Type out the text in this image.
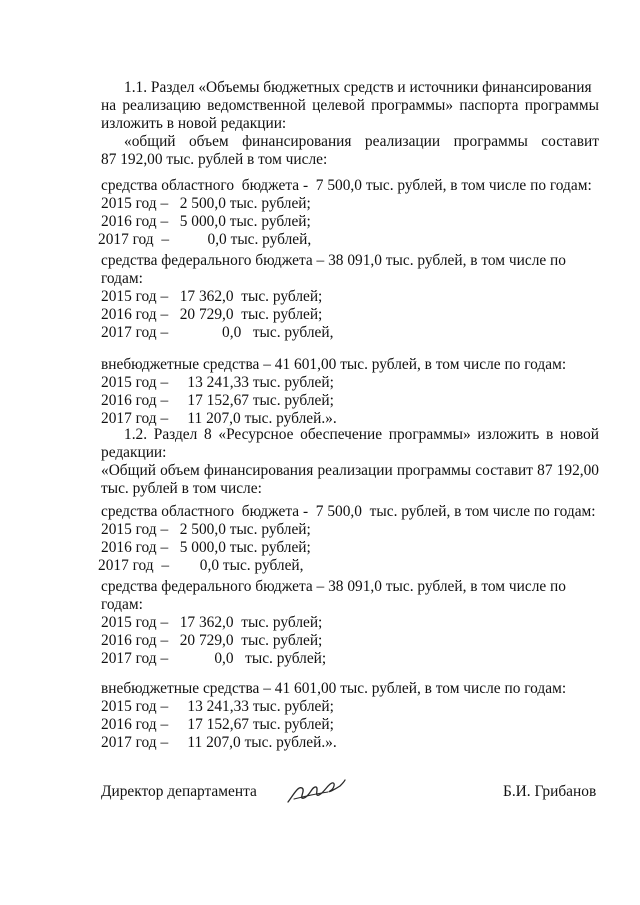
1.1. Раздел «Объемы бюджетных средств и источники финансирования
на реализацию ведомственной целевой программы» паспорта программы
изложить в новой редакции:
«общий объем финансирования реализации программы составит
87 192,00 тыс. рублей в том числе:
средства областного  бюджета -  7 500,0 тыс. рублей, в том числе по годам:
2015 год –   2 500,0 тыс. рублей;
2016 год –   5 000,0 тыс. рублей;
2017 год  –          0,0 тыс. рублей,
средства федерального бюджета – 38 091,0 тыс. рублей, в том числе по
годам:
2015 год –   17 362,0  тыс. рублей;
2016 год –   20 729,0  тыс. рублей;
2017 год –              0,0   тыс. рублей,
внебюджетные средства – 41 601,00 тыс. рублей, в том числе по годам:
2015 год –     13 241,33 тыс. рублей;
2016 год –     17 152,67 тыс. рублей;
2017 год –     11 207,0 тыс. рублей.».
1.2. Раздел 8 «Ресурсное обеспечение программы» изложить в новой
редакции:
«Общий объем финансирования реализации программы составит 87 192,00
тыс. рублей в том числе:
средства областного  бюджета -  7 500,0  тыс. рублей, в том числе по годам:
2015 год –   2 500,0 тыс. рублей;
2016 год –   5 000,0 тыс. рублей;
2017 год  –        0,0 тыс. рублей,
средства федерального бюджета – 38 091,0 тыс. рублей, в том числе по
годам:
2015 год –   17 362,0  тыс. рублей;
2016 год –   20 729,0  тыс. рублей;
2017 год –            0,0   тыс. рублей;
внебюджетные средства – 41 601,00 тыс. рублей, в том числе по годам:
2015 год –     13 241,33 тыс. рублей;
2016 год –     17 152,67 тыс. рублей;
2017 год –     11 207,0 тыс. рублей.».
Директор департамента	Б.И. Грибанов
